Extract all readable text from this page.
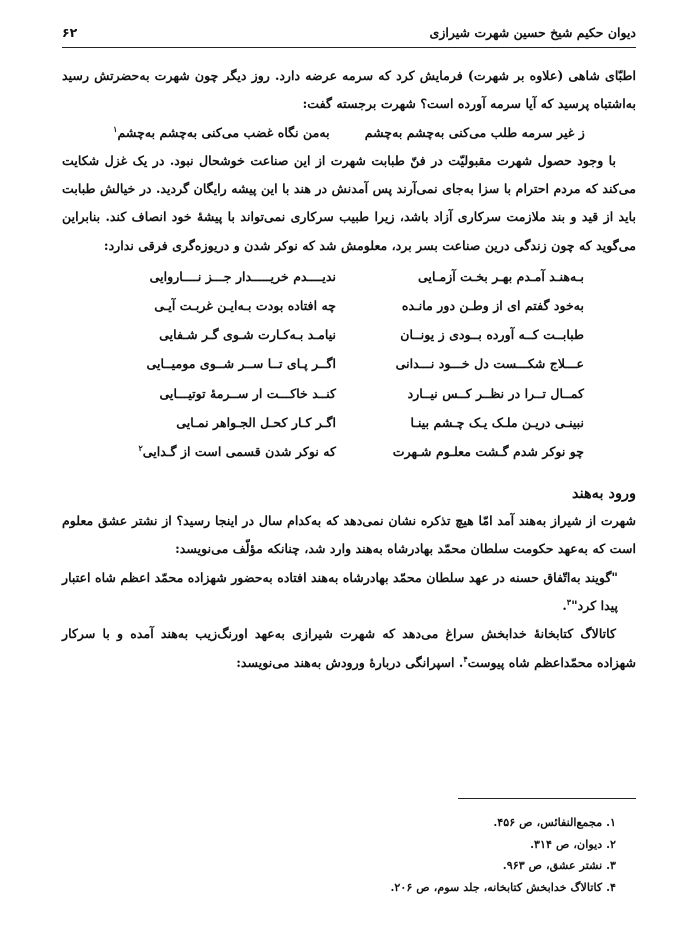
دیوان حکیم شیخ حسین شهرت شیرازی
۶۲

اطبّای شاهی (علاوه بر شهرت) فرمایش کرد که سرمه عرضه دارد. روز دیگر چون شهرت به‌حضرتش رسید به‌اشتباه پرسید که آیا سرمه آورده است؟ شهرت برجسته گفت:

ز غیر سرمه طلب می‌کنی به‌چشم به‌چشم        به‌من نگاه غضب می‌کنی به‌چشم به‌چشم$^۱$

با وجود حصول شهرت مقبولیّت در فنّ طبابت شهرت از این صناعت خوشحال نبود. در یک غزل شکایت می‌کند که مردم احترام با سزا به‌جای نمی‌آرند پس آمدنش در هند با این پیشه رایگان گردید. در خیالش طبابت باید از قید و بند ملازمت سرکاری آزاد باشد، زیرا طبیب سرکاری نمی‌تواند با پیشهٔ خود انصاف کند. بنابراین می‌گوید که چون زندگی درین صناعت بسر برد، معلومش شد که نوکر شدن و دریوزه‌گری فرقی ندارد:

بـه‌هنـد آمـدم بهـر بخـت آزمـایی
ندیــــدم خریـــــدار جـــز نــــاروایی
به‌خود گفتم ای از وطـن دور مانـده
چه افتاده بودت بـه‌ایـن غربـت آیـی
طبابــت کــه آورده بــودی ز یونــان
نیامـد بـه‌کـارت شـوی گـر شـفایی
عـــلاج شکـــست دل خـــود نـــدانی
اگــر پـای تــا ســر شــوی مومیــایی
کمــال تــرا در نظــر کــس نیــارد
کنــد خاکـــت ار ســرمهٔ توتیـــایی
نبینـی دریـن ملـک یـک چـشم بینـا
اگـر کـار کحـل الجـواهر نمـایی
چو نوکر شدم گـشت معلـوم شـهرت
که نوکر شدن قسمی است از گـدایی$^۲$
ورود به‌هند

شهرت از شیراز به‌هند آمد امّا هیچ تذکره نشان نمی‌دهد که به‌کدام سال در اینجا رسید؟ از نشتر عشق معلوم است که به‌عهد حکومت سلطان محمّد بهادرشاه به‌هند وارد شد، چنانکه مؤلّف می‌نویسد:

"گویند به‌اتّفاق حسنه در عهد سلطان محمّد بهادرشاه به‌هند افتاده به‌حضور شهزاده محمّد اعظم شاه اعتبار پیدا کرد"$^۳$.

کاتالاگ کتابخانهٔ خدابخش سراغ می‌دهد که شهرت شیرازی به‌عهد اورنگ‌زیب به‌هند آمده و با سرکار شهزاده محمّداعظم شاه پیوست$^۴$. اسپرانگی دربارهٔ ورودش به‌هند می‌نویسد:

۱. مجمع‌النفائس، ص ۴۵۶.
۲. دیوان، ص ۳۱۴.
۳. نشتر عشق، ص ۹۶۳.
۴. کاتالاگ خدابخش کتابخانه، جلد سوم، ص ۲۰۶.
